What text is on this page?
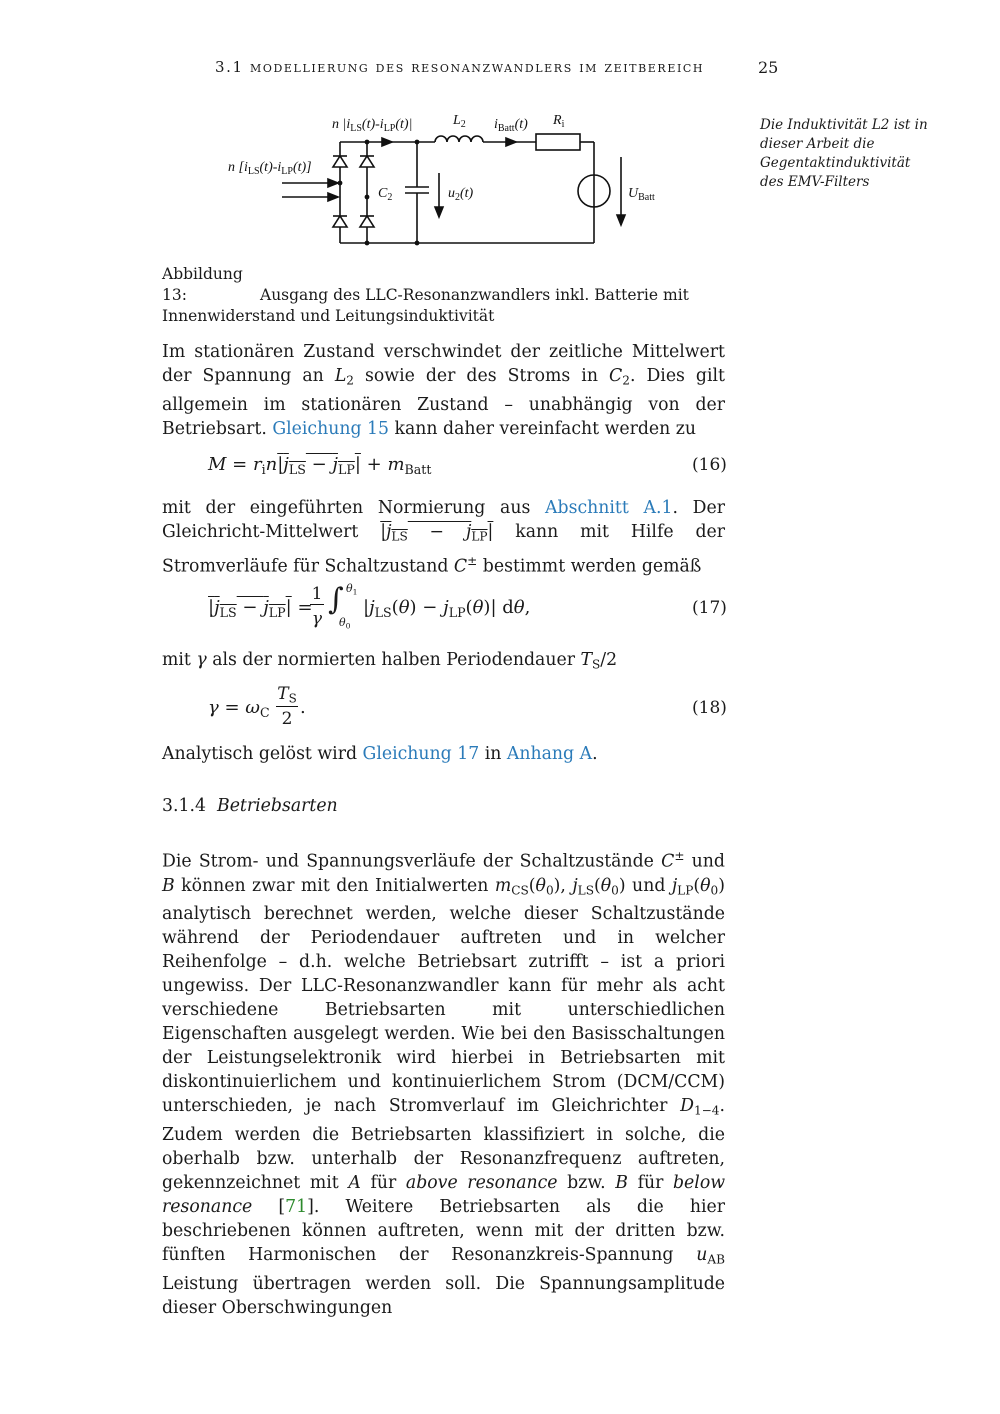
3.1 modellierung des resonanzwandlers im zeitbereich	25
n $[i_{LS}(t)-i_{LP}(t)]$
n $|i_{LS}(t)-i_{LP}(t)|$	$L_2$ $i_{Batt}(t)$ $R_i$
$C_2$	$u_2(t)$	$U_{Batt}$
Die Induktivität L2 ist in dieser Arbeit die Gegentaktinduktivität des EMV-Filters
Abbildung 13:	Ausgang des LLC-Resonanzwandlers inkl. Batterie mit Innenwiderstand und Leitungsinduktivität
Im stationären Zustand verschwindet der zeitliche Mittelwert der Spannung an $L_2$ sowie der des Stroms in $C_2$. Dies gilt allgemein im stationären Zustand – unabhängig von der Betriebsart. Gleichung 15 kann daher vereinfacht werden zu
$M = r_in|j_{LS} - j_{LP}| + m_{Batt}$	(16)
mit der eingeführten Normierung aus Abschnitt A.1. Der Gleichricht-Mittelwert $|j_{LS} - j_{LP}|$ kann mit Hilfe der Stromverläufe für Schaltzustand C± bestimmt werden gemäß
$|j_{LS} - j_{LP}|$ =
1
γ
∫ $\theta_1$
$\theta_0$
$|j_{LS}(\theta) - j_{LP}(\theta)|$ dθ,	(17)
mit γ als der normierten halben Periodendauer $T_S/2$
$\gamma = \omega_C$
$T_S$
2
.	(18)
Analytisch gelöst wird Gleichung 17 in Anhang A.
3.1.4 Betriebsarten
Die Strom- und Spannungsverläufe der Schaltzustände C± und B können zwar mit den Initialwerten $m_{CS}(\theta_0)$, $j_{LS}(\theta_0)$ und $j_{LP}(\theta_0)$ analytisch berechnet werden, welche dieser Schaltzustände während der Periodendauer auftreten und in welcher Reihenfolge – d.h. welche Betriebsart zutrifft – ist a priori ungewiss. Der LLC-Resonanzwandler kann für mehr als acht verschiedene Betriebsarten mit unterschiedlichen Eigenschaften ausgelegt werden. Wie bei den Basisschaltungen der Leistungselektronik wird hierbei in Betriebsarten mit diskontinuierlichem und kontinuierlichem Strom (DCM/CCM) unterschieden, je nach Stromverlauf im Gleichrichter $D_{1-4}$. Zudem werden die Betriebsarten klassifiziert in solche, die oberhalb bzw. unterhalb der Resonanzfrequenz auftreten, gekennzeichnet mit A für above resonance bzw. B für below resonance [71]. Weitere Betriebsarten als die hier beschriebenen können auftreten, wenn mit der dritten bzw. fünften Harmonischen der Resonanzkreis-Spannung $u_{AB}$ Leistung übertragen werden soll. Die Spannungsamplitude dieser Oberschwingungen
